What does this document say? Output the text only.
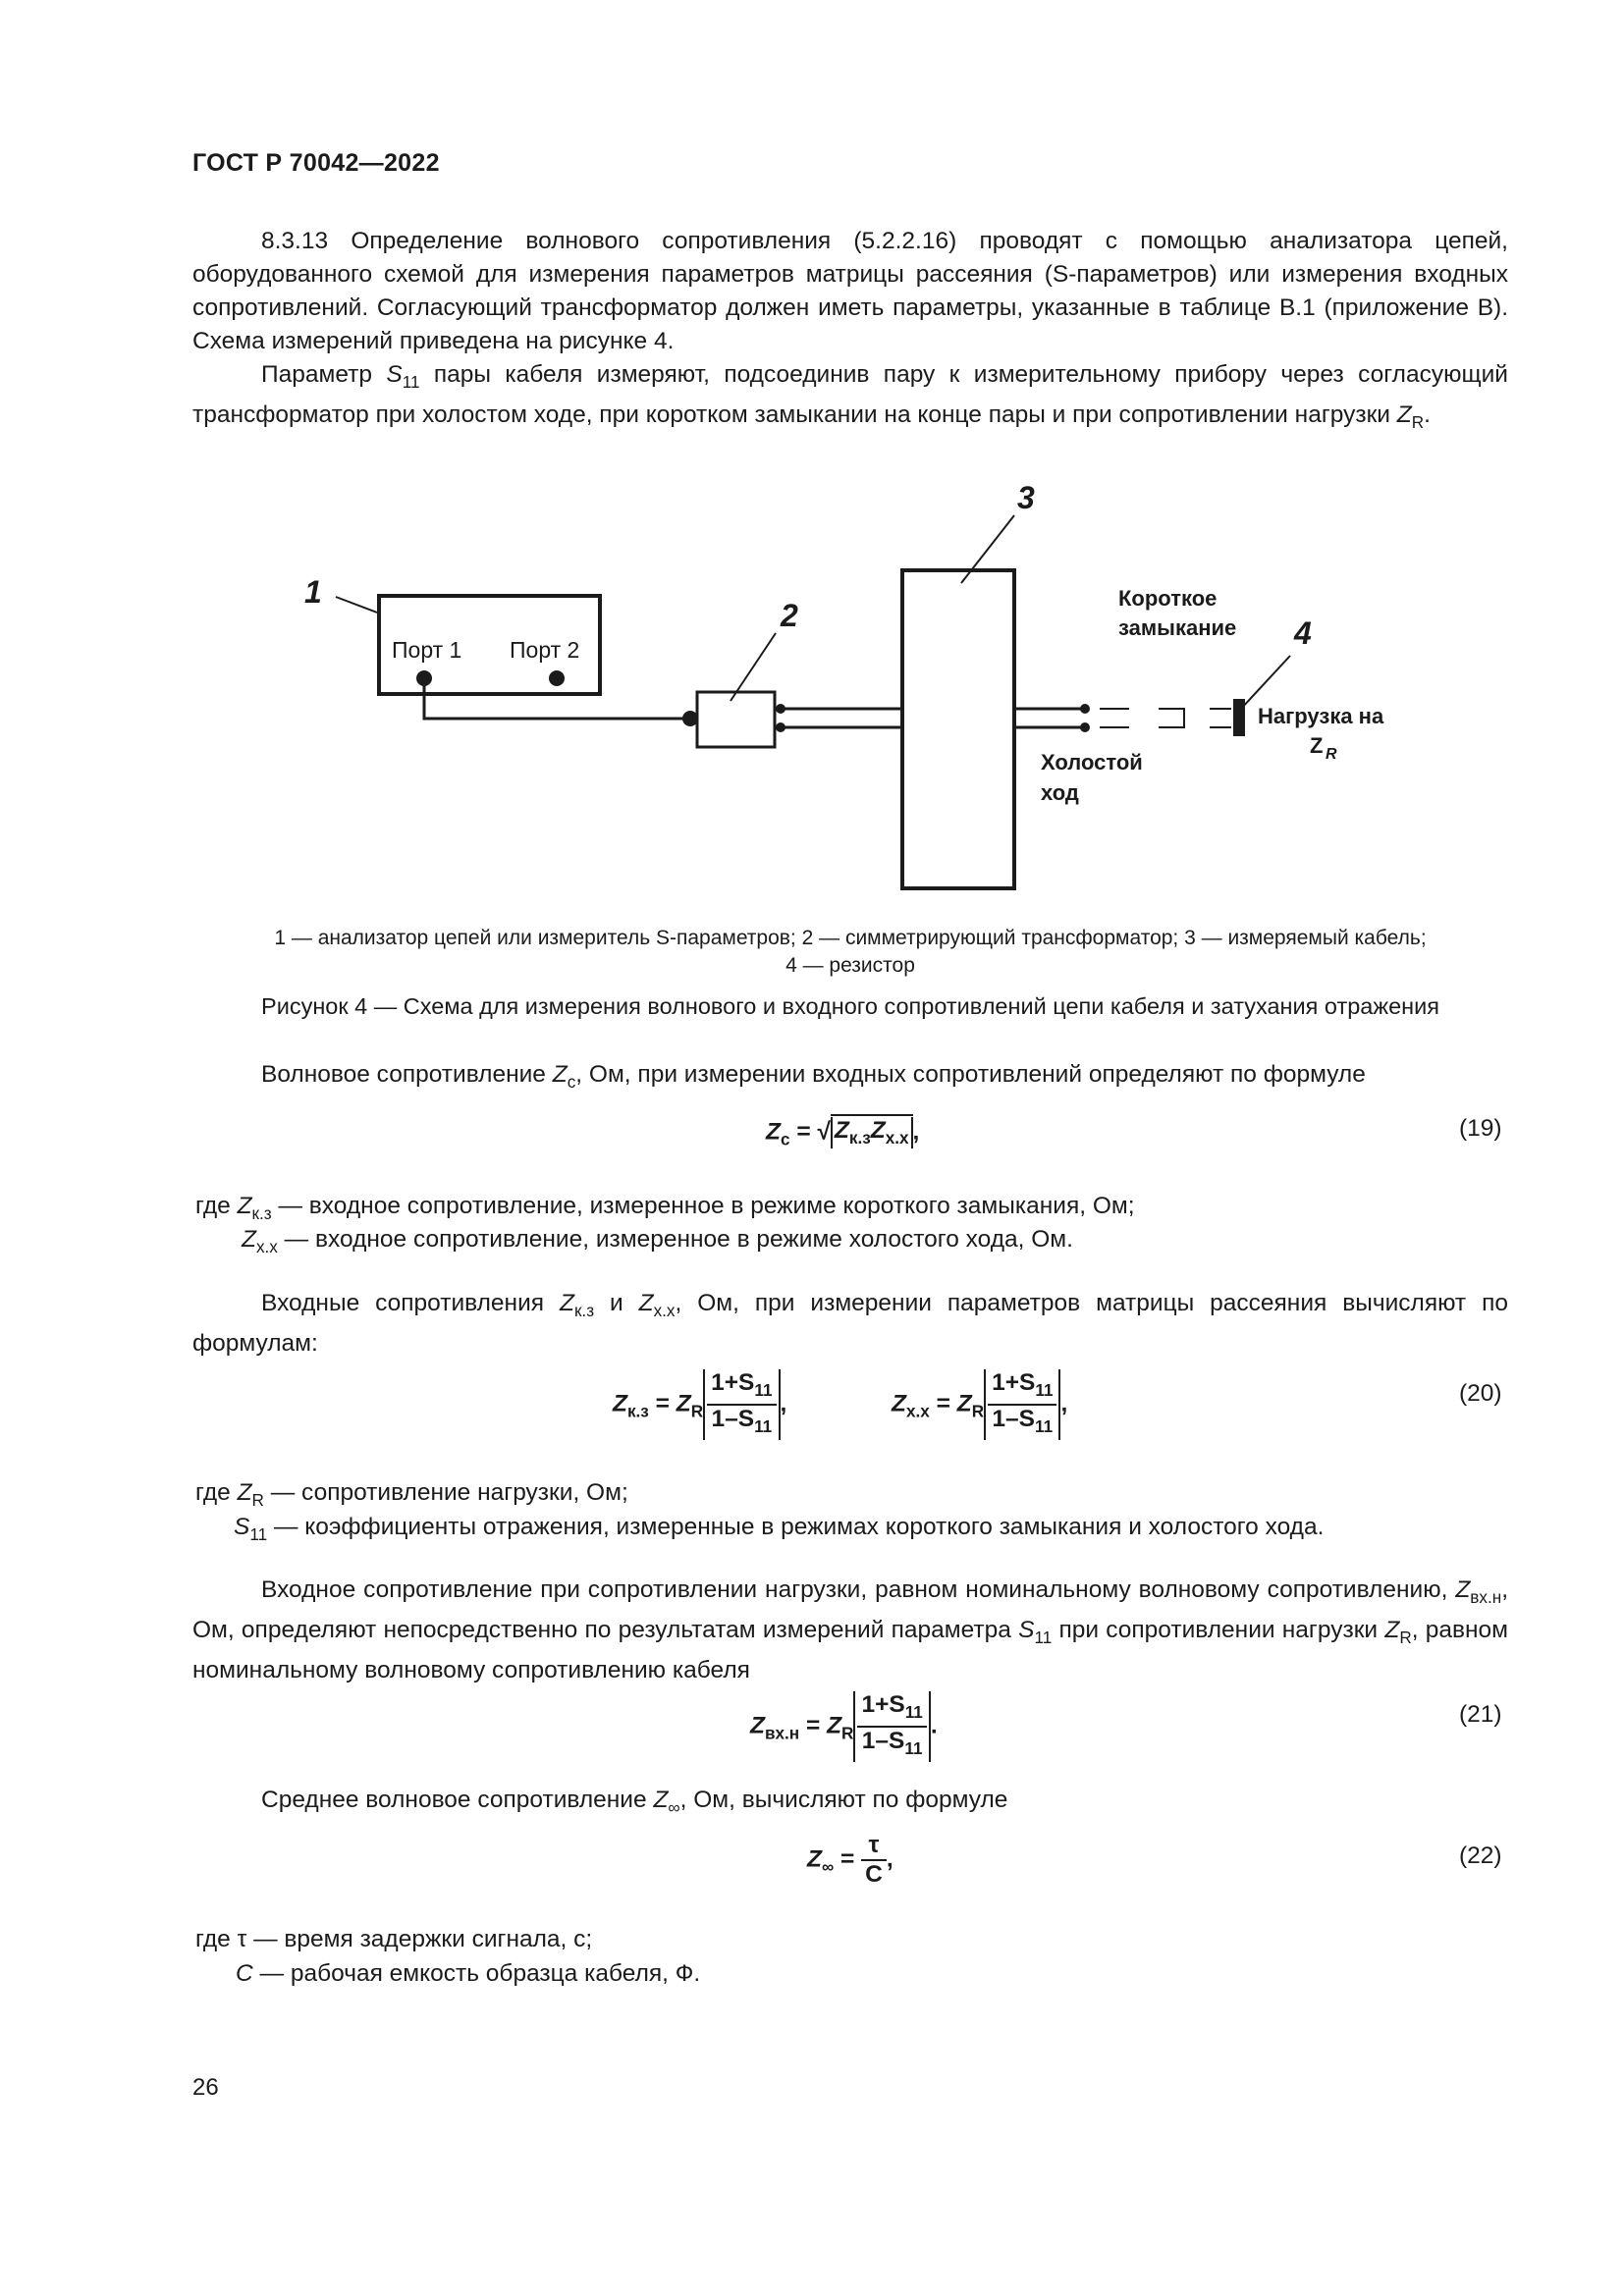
ГОСТ Р 70042—2022
8.3.13 Определение волнового сопротивления (5.2.2.16) проводят с помощью анализатора цепей, оборудованного схемой для измерения параметров матрицы рассеяния (S-параметров) или измерения входных сопротивлений. Согласующий трансформатор должен иметь параметры, указанные в таблице В.1 (приложение В). Схема измерений приведена на рисунке 4.
Параметр $S_{11}$ пары кабеля измеряют, подсоединив пару к измерительному прибору через согласующий трансформатор при холостом ходе, при коротком замыкании на конце пары и при сопротивлении нагрузки $Z_R$.
1
2
3
4
Порт 1 Порт 2
Короткое
замыкание
Холостой
ход
Нагрузка на
Z R
1 — анализатор цепей или измеритель S-параметров; 2 — симметрирующий трансформатор; 3 — измеряемый кабель;
4 — резистор
Рисунок 4 — Схема для измерения волнового и входного сопротивлений цепи кабеля и затухания отражения
Волновое сопротивление $Z_c$, Ом, при измерении входных сопротивлений определяют по формуле
$Z_c$ = √ $Z_{к.з}Z_{х.х}$ ,	(19)
где $Z_{к.з}$ — входное сопротивление, измеренное в режиме короткого замыкания, Ом;
$Z_{х.х}$ — входное сопротивление, измеренное в режиме холостого хода, Ом.
Входные сопротивления $Z_{к.з}$ и $Z_{х.х}$, Ом, при измерении параметров матрицы рассеяния вычисляют по формулам:
$Z_{к.з} = Z_R \frac{1+S_{11}}{1-S_{11}}$ ,	$Z_{х.х} = Z_R \frac{1+S_{11}}{1-S_{11}}$ ,	(20)
где $Z_R$ — сопротивление нагрузки, Ом;
$S_{11}$ — коэффициенты отражения, измеренные в режимах короткого замыкания и холостого хода.
Входное сопротивление при сопротивлении нагрузки, равном номинальному волновому сопротивлению, $Z_{вх.н}$, Ом, определяют непосредственно по результатам измерений параметра $S_{11}$ при сопротивлении нагрузки $Z_R$, равном номинальному волновому сопротивлению кабеля
$Z_{вх.н} = Z_R \frac{1+S_{11}}{1-S_{11}}$ .	(21)
Среднее волновое сопротивление $Z_\infty$, Ом, вычисляют по формуле
$Z_\infty = \frac{\tau}{C}$ ,	(22)
где τ — время задержки сигнала, с;
C — рабочая емкость образца кабеля, Ф.
26
